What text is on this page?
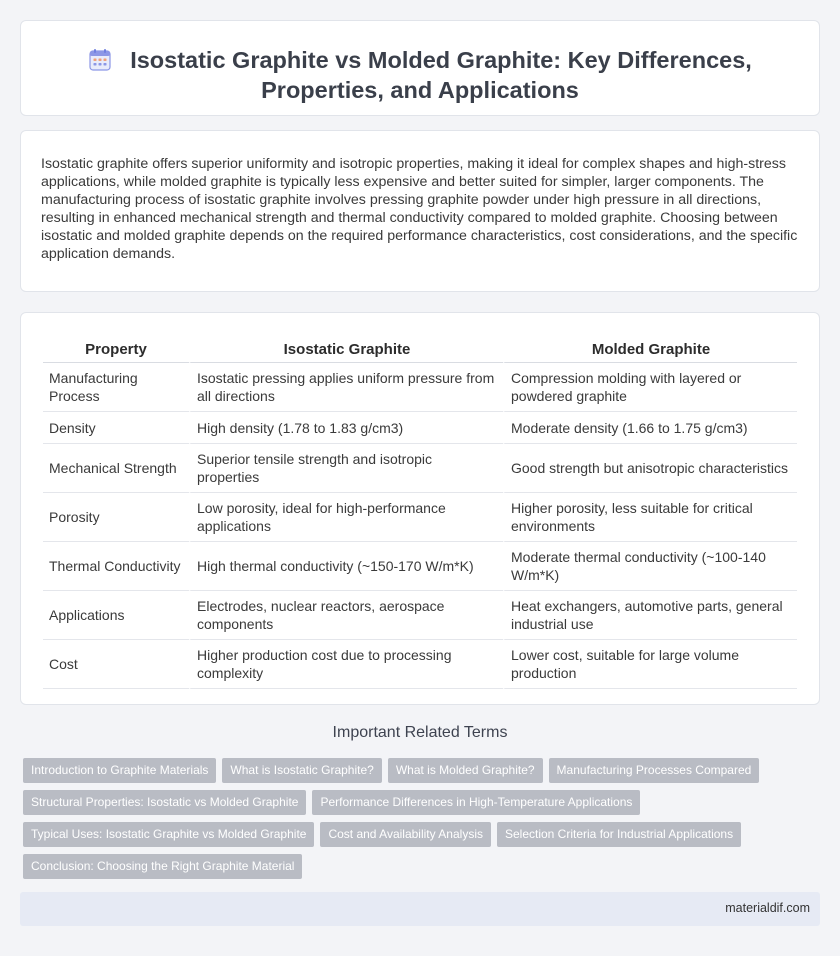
Isostatic Graphite vs Molded Graphite: Key Differences, Properties, and Applications

Isostatic graphite offers superior uniformity and isotropic properties, making it ideal for complex shapes and high-stress applications, while molded graphite is typically less expensive and better suited for simpler, larger components. The manufacturing process of isostatic graphite involves pressing graphite powder under high pressure in all directions, resulting in enhanced mechanical strength and thermal conductivity compared to molded graphite. Choosing between isostatic and molded graphite depends on the required performance characteristics, cost considerations, and the specific application demands.

Property	Isostatic Graphite	Molded Graphite
Manufacturing Process	Isostatic pressing applies uniform pressure from all directions	Compression molding with layered or powdered graphite
Density	High density (1.78 to 1.83 g/cm3)	Moderate density (1.66 to 1.75 g/cm3)
Mechanical Strength	Superior tensile strength and isotropic properties	Good strength but anisotropic characteristics
Porosity	Low porosity, ideal for high-performance applications	Higher porosity, less suitable for critical environments
Thermal Conductivity	High thermal conductivity (~150-170 W/m*K)	Moderate thermal conductivity (~100-140 W/m*K)
Applications	Electrodes, nuclear reactors, aerospace components	Heat exchangers, automotive parts, general industrial use
Cost	Higher production cost due to processing complexity	Lower cost, suitable for large volume production
Important Related Terms
Introduction to Graphite Materials What is Isostatic Graphite? What is Molded Graphite? Manufacturing Processes Compared
Structural Properties: Isostatic vs Molded Graphite Performance Differences in High-Temperature Applications
Typical Uses: Isostatic Graphite vs Molded Graphite Cost and Availability Analysis Selection Criteria for Industrial Applications
Conclusion: Choosing the Right Graphite Material
materialdif.com
